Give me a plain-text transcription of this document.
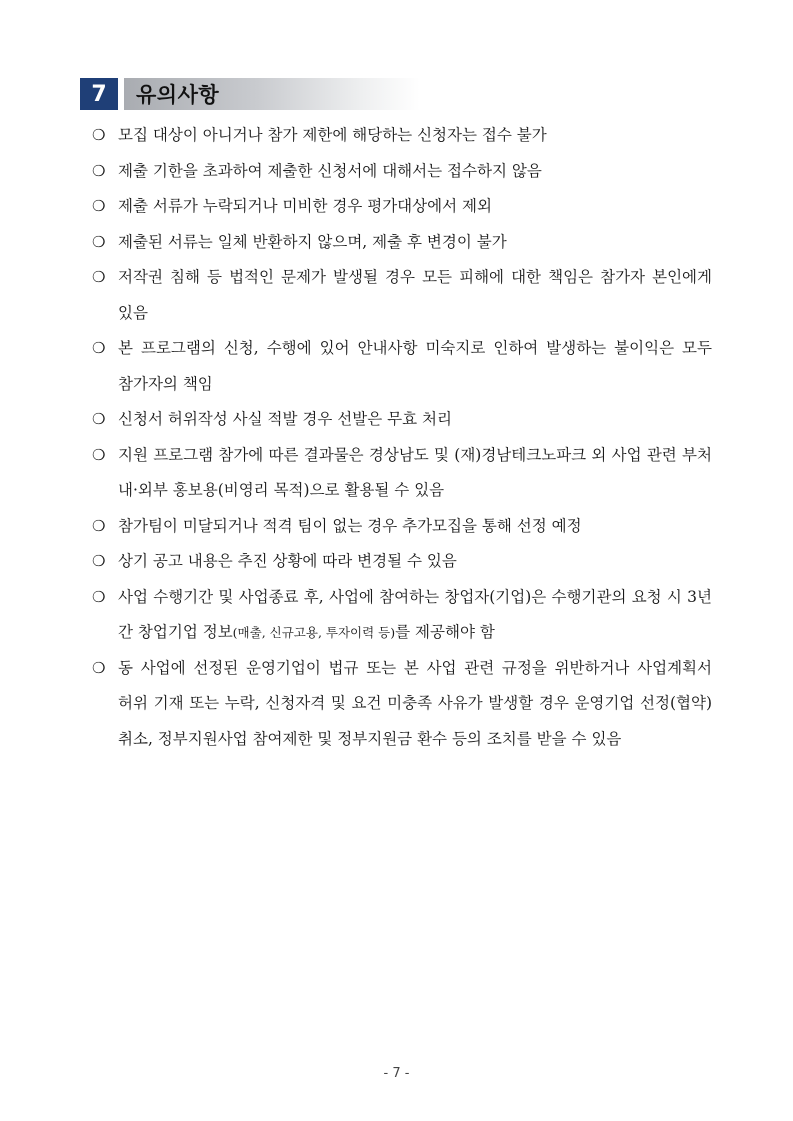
7	유의사항
❍ 모집 대상이 아니거나 참가 제한에 해당하는 신청자는 접수 불가
❍ 제출 기한을 초과하여 제출한 신청서에 대해서는 접수하지 않음
❍ 제출 서류가 누락되거나 미비한 경우 평가대상에서 제외
❍ 제출된 서류는 일체 반환하지 않으며, 제출 후 변경이 불가
❍ 저작권 침해 등 법적인 문제가 발생될 경우 모든 피해에 대한 책임은 참가자 본인에게 있음
❍ 본 프로그램의 신청, 수행에 있어 안내사항 미숙지로 인하여 발생하는 불이익은 모두 참가자의 책임
❍ 신청서 허위작성 사실 적발 경우 선발은 무효 처리
❍ 지원 프로그램 참가에 따른 결과물은 경상남도 및 (재)경남테크노파크 외 사업 관련 부처 내·외부 홍보용(비영리 목적)으로 활용될 수 있음
❍ 참가팀이 미달되거나 적격 팀이 없는 경우 추가모집을 통해 선정 예정
❍ 상기 공고 내용은 추진 상황에 따라 변경될 수 있음
❍ 사업 수행기간 및 사업종료 후, 사업에 참여하는 창업자(기업)은 수행기관의 요청 시 3년 간 창업기업 정보(매출, 신규고용, 투자이력 등)를 제공해야 함
❍ 동 사업에 선정된 운영기업이 법규 또는 본 사업 관련 규정을 위반하거나 사업계획서 허위 기재 또는 누락, 신청자격 및 요건 미충족 사유가 발생할 경우 운영기업 선정(협약)취소, 정부지원사업 참여제한 및 정부지원금 환수 등의 조치를 받을 수 있음
- 7 -
